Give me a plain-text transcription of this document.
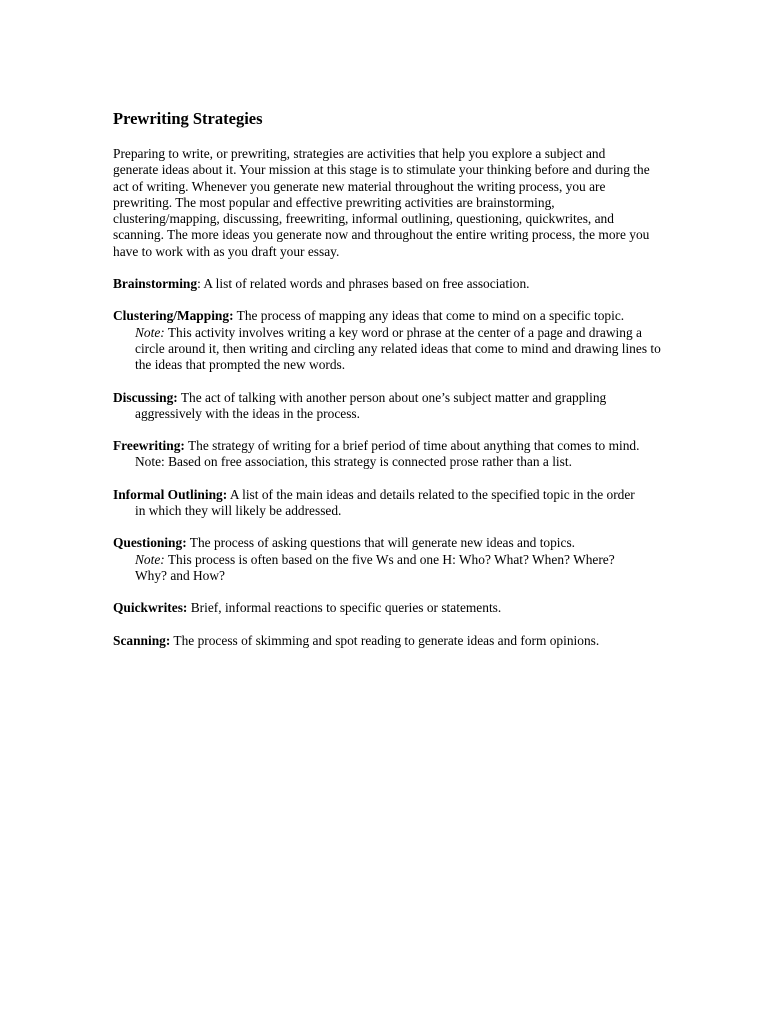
Prewriting Strategies

Preparing to write, or prewriting, strategies are activities that help you explore a subject and generate ideas about it. Your mission at this stage is to stimulate your thinking before and during the act of writing. Whenever you generate new material throughout the writing process, you are prewriting. The most popular and effective prewriting activities are brainstorming, clustering/mapping, discussing, freewriting, informal outlining, questioning, quickwrites, and scanning. The more ideas you generate now and throughout the entire writing process, the more you have to work with as you draft your essay.

Brainstorming: A list of related words and phrases based on free association.
Clustering/Mapping: The process of mapping any ideas that come to mind on a specific topic.
Note: This activity involves writing a key word or phrase at the center of a page and drawing a circle around it, then writing and circling any related ideas that come to mind and drawing lines to the ideas that prompted the new words.
Discussing: The act of talking with another person about one’s subject matter and grappling
aggressively with the ideas in the process.
Freewriting: The strategy of writing for a brief period of time about anything that comes to mind.
Note: Based on free association, this strategy is connected prose rather than a list.
Informal Outlining: A list of the main ideas and details related to the specified topic in the order
in which they will likely be addressed.
Questioning: The process of asking questions that will generate new ideas and topics.
Note: This process is often based on the five Ws and one H: Who? What? When? Where? Why? and How?
Quickwrites: Brief, informal reactions to specific queries or statements.
Scanning: The process of skimming and spot reading to generate ideas and form opinions.
